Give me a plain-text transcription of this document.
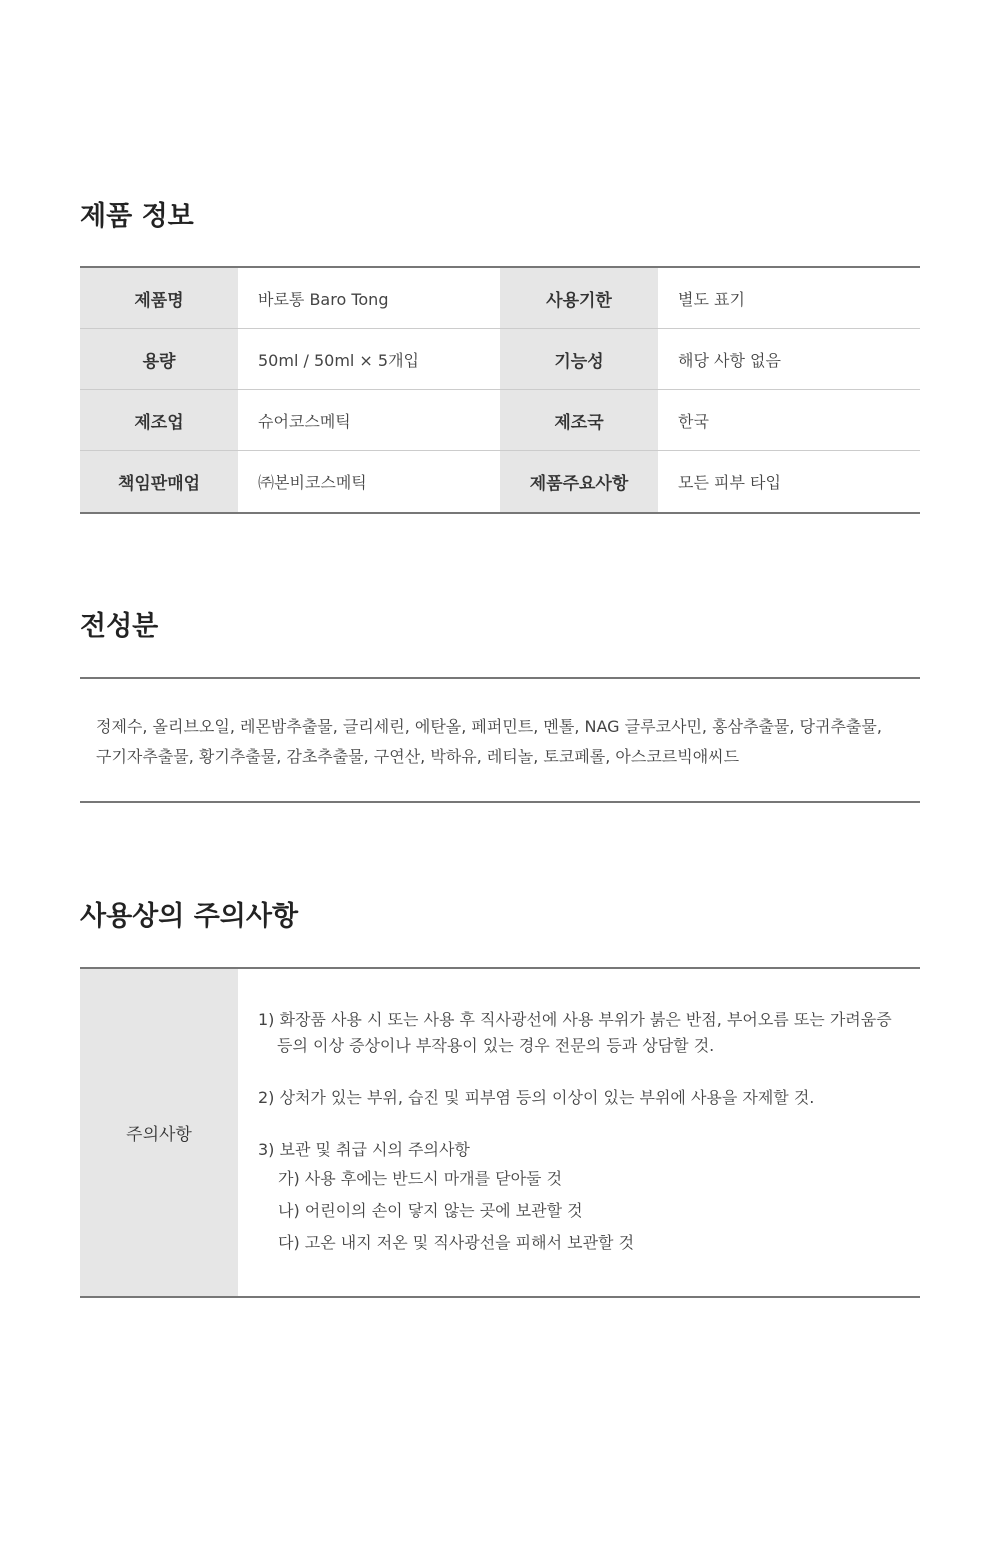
제품 정보
제품명	바로통 Baro Tong	사용기한	별도 표기
용량	50ml / 50ml × 5개입	기능성	해당 사항 없음
제조업	슈어코스메틱	제조국	한국
책임판매업	㈜본비코스메틱	제품주요사항	모든 피부 타입
전성분

정제수, 올리브오일, 레몬밤추출물, 글리세린, 에탄올, 페퍼민트, 멘톨, NAG 글루코사민, 홍삼추출물, 당귀추출물,

구기자추출물, 황기추출물, 감초추출물, 구연산, 박하유, 레티놀, 토코페롤, 아스코르빅애씨드

사용상의 주의사항
주의사항
1) 화장품 사용 시 또는 사용 후 직사광선에 사용 부위가 붉은 반점, 부어오름 또는 가려움증
등의 이상 증상이나 부작용이 있는 경우 전문의 등과 상담할 것.
2) 상처가 있는 부위, 습진 및 피부염 등의 이상이 있는 부위에 사용을 자제할 것.
3) 보관 및 취급 시의 주의사항
가) 사용 후에는 반드시 마개를 닫아둘 것
나) 어린이의 손이 닿지 않는 곳에 보관할 것
다) 고온 내지 저온 및 직사광선을 피해서 보관할 것
